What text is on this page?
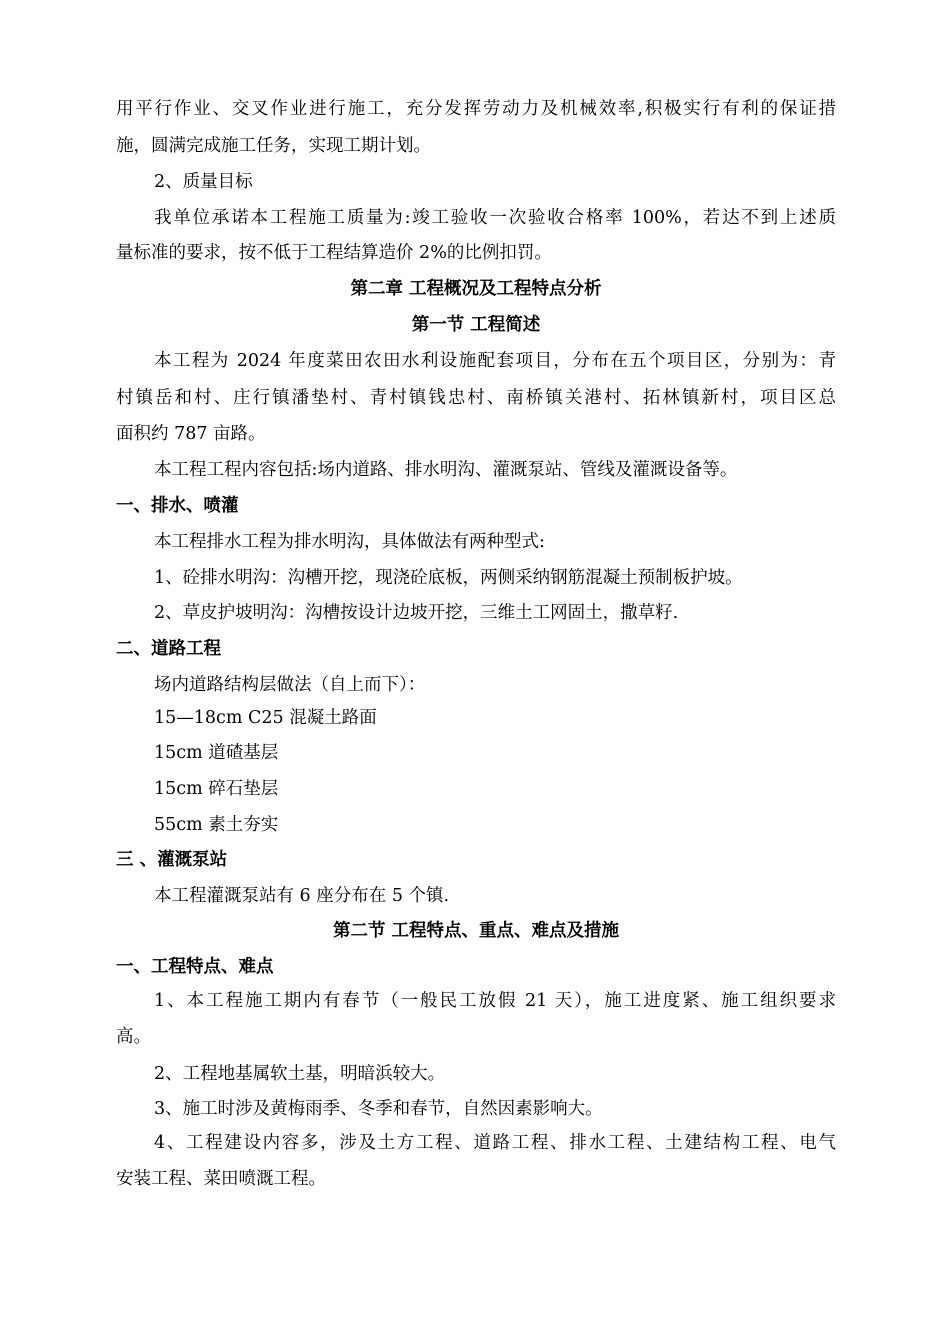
用平行作业、交叉作业进行施工，充分发挥劳动力及机械效率,积极实行有利的保证措
施，圆满完成施工任务，实现工期计划。
2、质量目标
我单位承诺本工程施工质量为:竣工验收一次验收合格率 100%，若达不到上述质
量标准的要求，按不低于工程结算造价 2%的比例扣罚。
第二章 工程概况及工程特点分析
第一节 工程简述
本工程为 2024 年度菜田农田水利设施配套项目，分布在五个项目区，分别为：青
村镇岳和村、庄行镇潘垫村、青村镇钱忠村、南桥镇关港村、拓林镇新村，项目区总
面积约 787 亩路。
本工程工程内容包括:场内道路、排水明沟、灌溉泵站、管线及灌溉设备等。
一、排水、喷灌
本工程排水工程为排水明沟，具体做法有两种型式:
1、砼排水明沟：沟槽开挖，现浇砼底板，两侧采纳钢筋混凝土预制板护坡。
2、草皮护坡明沟：沟槽按设计边坡开挖，三维土工网固土，撒草籽.
二、道路工程
场内道路结构层做法（自上而下）：
15—18cm C25 混凝土路面
15cm 道碴基层
15cm 碎石垫层
55cm 素土夯实
三 、灌溉泵站
本工程灌溉泵站有 6 座分布在 5 个镇.
第二节 工程特点、重点、难点及措施
一、工程特点、难点
1、本工程施工期内有春节（一般民工放假 21 天），施工进度紧、施工组织要求
高。
2、工程地基属软土基，明暗浜较大。
3、施工时涉及黄梅雨季、冬季和春节，自然因素影响大。
4、工程建设内容多，涉及土方工程、道路工程、排水工程、土建结构工程、电气
安装工程、菜田喷溉工程。
